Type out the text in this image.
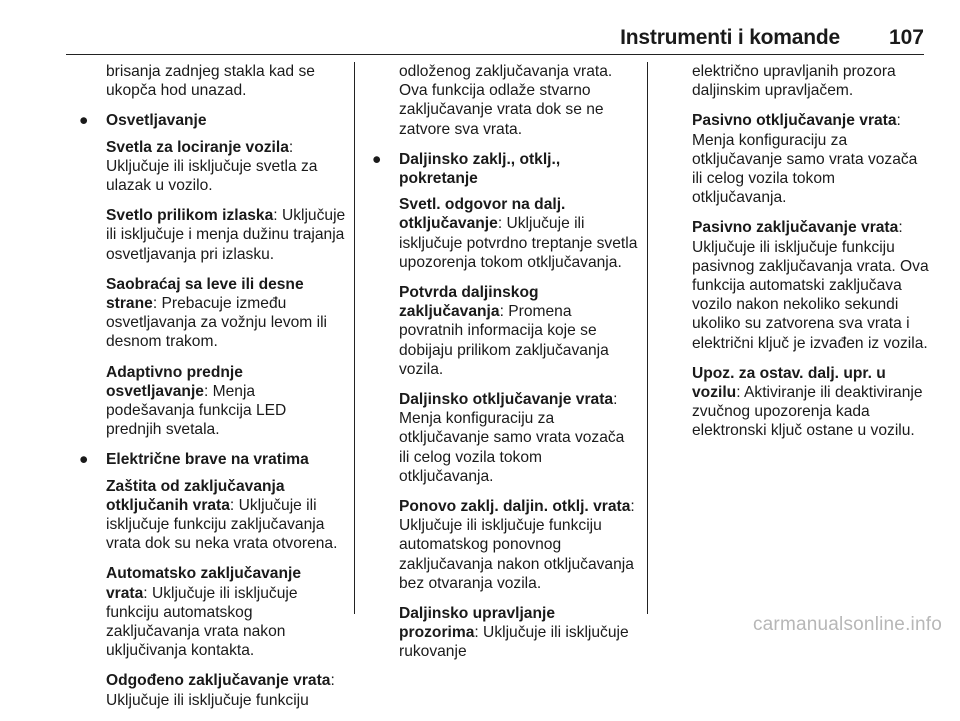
Instrumenti i komande 107

brisanja zadnjeg stakla kad se ukopča hod unazad.

● Osvetljavanje

Svetla za lociranje vozila: Uključuje ili isključuje svetla za ulazak u vozilo.

Svetlo prilikom izlaska: Uključuje ili isključuje i menja dužinu trajanja osvetljavanja pri izlasku.

Saobraćaj sa leve ili desne strane: Prebacuje između osvetljavanja za vožnju levom ili desnom trakom.

Adaptivno prednje osvetljavanje: Menja podešavanja funkcija LED prednjih svetala.

● Električne brave na vratima

Zaštita od zaključavanja otključanih vrata: Uključuje ili isključuje funkciju zaključavanja vrata dok su neka vrata otvorena.

Automatsko zaključavanje vrata: Uključuje ili isključuje funkciju automatskog zaključavanja vrata nakon uključivanja kontakta.

Odgođeno zaključavanje vrata: Uključuje ili isključuje funkciju

odloženog zaključavanja vrata. Ova funkcija odlaže stvarno zaključavanje vrata dok se ne zatvore sva vrata.

● Daljinsko zaklj., otklj., pokretanje

Svetl. odgovor na dalj. otključavanje: Uključuje ili isključuje potvrdno treptanje svetla upozorenja tokom otključavanja.

Potvrda daljinskog zaključavanja: Promena povratnih informacija koje se dobijaju prilikom zaključavanja vozila.

Daljinsko otključavanje vrata: Menja konfiguraciju za otključavanje samo vrata vozača ili celog vozila tokom otključavanja.

Ponovo zaklj. daljin. otklj. vrata: Uključuje ili isključuje funkciju automatskog ponovnog zaključavanja nakon otključavanja bez otvaranja vozila.

Daljinsko upravljanje prozorima: Uključuje ili isključuje rukovanje

električno upravljanih prozora daljinskim upravljačem.

Pasivno otključavanje vrata: Menja konfiguraciju za otključavanje samo vrata vozača ili celog vozila tokom otključavanja.

Pasivno zaključavanje vrata: Uključuje ili isključuje funkciju pasivnog zaključavanja vrata. Ova funkcija automatski zaključava vozilo nakon nekoliko sekundi ukoliko su zatvorena sva vrata i električni ključ je izvađen iz vozila.

Upoz. za ostav. dalj. upr. u vozilu: Aktiviranje ili deaktiviranje zvučnog upozorenja kada elektronski ključ ostane u vozilu.

carmanualsonline.info
